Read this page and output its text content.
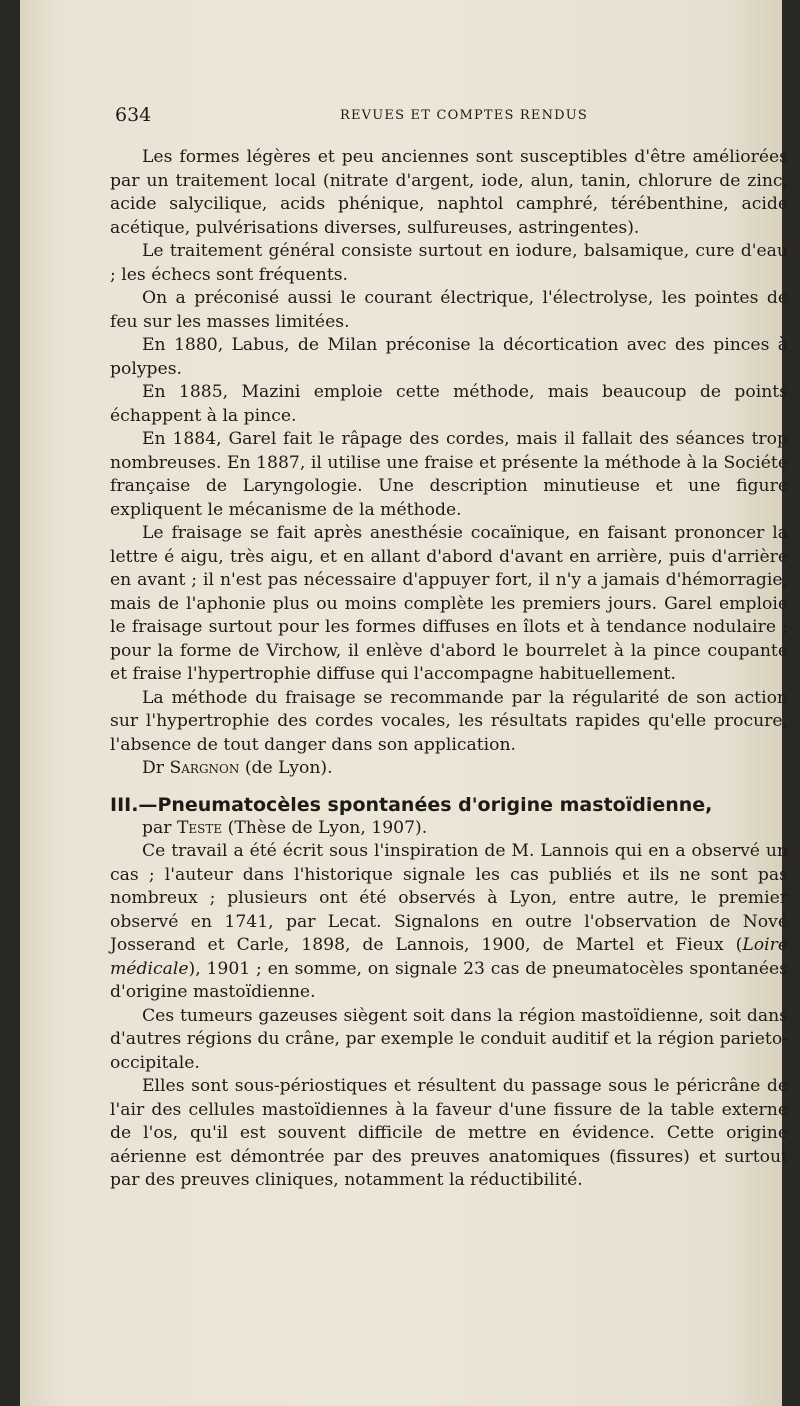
634	REVUES ET COMPTES RENDUS

Les formes légères et peu anciennes sont susceptibles d'être améliorées par un traitement local (nitrate d'argent, iode, alun, tanin, chlorure de zinc, acide salycilique, acids phénique, naphtol camphré, térébenthine, acide acétique, pulvérisations diverses, sulfureuses, astringentes).

Le traitement général consiste surtout en iodure, balsamique, cure d'eau ; les échecs sont fréquents.

On a préconisé aussi le courant électrique, l'électrolyse, les pointes de feu sur les masses limitées.

En 1880, Labus, de Milan préconise la décortication avec des pinces à polypes.

En 1885, Mazini emploie cette méthode, mais beaucoup de points échappent à la pince.

En 1884, Garel fait le râpage des cordes, mais il fallait des séances trop nombreuses. En 1887, il utilise une fraise et présente la méthode à la Société française de Laryngologie. Une description minutieuse et une figure expliquent le mécanisme de la méthode.

Le fraisage se fait après anesthésie cocaïnique, en faisant prononcer la lettre é aigu, très aigu, et en allant d'abord d'avant en arrière, puis d'arrière en avant ; il n'est pas nécessaire d'appuyer fort, il n'y a jamais d'hémorragie, mais de l'aphonie plus ou moins complète les premiers jours. Garel emploie le fraisage surtout pour les formes diffuses en îlots et à tendance nodulaire ; pour la forme de Virchow, il enlève d'abord le bourrelet à la pince coupante et fraise l'hypertrophie diffuse qui l'accompagne habituellement.

La méthode du fraisage se recommande par la régularité de son action sur l'hypertrophie des cordes vocales, les résultats rapides qu'elle procure, l'absence de tout danger dans son application.

Dr Sargnon (de Lyon).

III.—Pneumatocèles spontanées d'origine mastoïdienne,

par Teste (Thèse de Lyon, 1907).

Ce travail a été écrit sous l'inspiration de M. Lannois qui en a observé un cas ; l'auteur dans l'historique signale les cas publiés et ils ne sont pas nombreux ; plusieurs ont été observés à Lyon, entre autre, le premier observé en 1741, par Lecat. Signalons en outre l'observation de Nové Josserand et Carle, 1898, de Lannois, 1900, de Martel et Fieux (Loire médicale), 1901 ; en somme, on signale 23 cas de pneumatocèles spontanées d'origine mastoïdienne.

Ces tumeurs gazeuses siègent soit dans la région mastoïdienne, soit dans d'autres régions du crâne, par exemple le conduit auditif et la région parieto-occipitale.

Elles sont sous-périostiques et résultent du passage sous le péricrâne de l'air des cellules mastoïdiennes à la faveur d'une fissure de la table externe de l'os, qu'il est souvent difficile de mettre en évidence. Cette origine aérienne est démontrée par des preuves anatomiques (fissures) et surtout par des preuves cliniques, notamment la réductibilité.
